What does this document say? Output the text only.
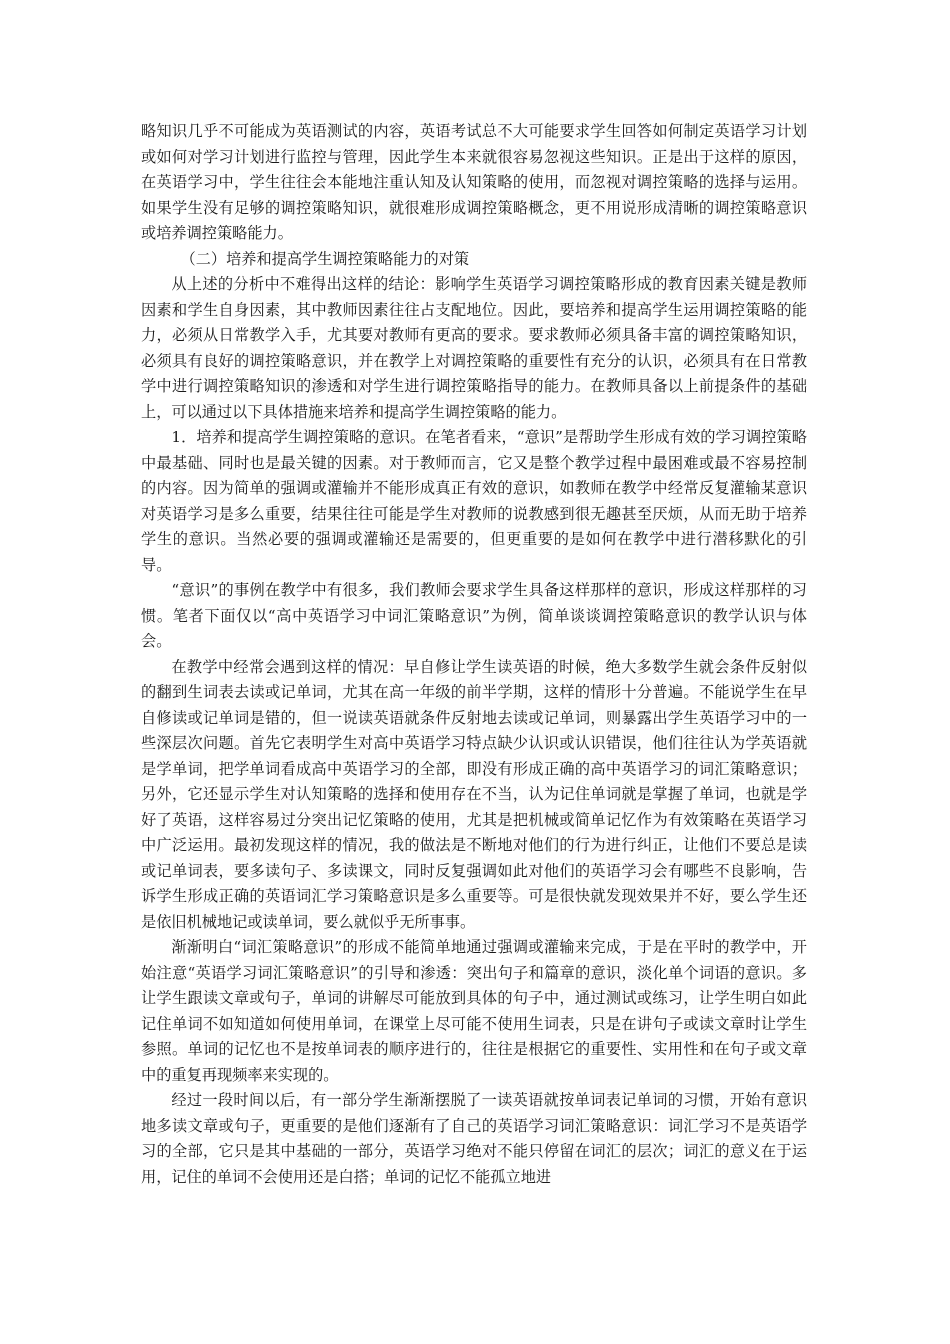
略知识几乎不可能成为英语测试的内容，英语考试总不大可能要求学生回答如何制定英语学习计划或如何对学习计划进行监控与管理，因此学生本来就很容易忽视这些知识。正是出于这样的原因，在英语学习中，学生往往会本能地注重认知及认知策略的使用，而忽视对调控策略的选择与运用。如果学生没有足够的调控策略知识，就很难形成调控策略概念，更不用说形成清晰的调控策略意识或培养调控策略能力。

（二）培养和提高学生调控策略能力的对策

从上述的分析中不难得出这样的结论：影响学生英语学习调控策略形成的教育因素关键是教师因素和学生自身因素，其中教师因素往往占支配地位。因此，要培养和提高学生运用调控策略的能力，必须从日常教学入手，尤其要对教师有更高的要求。要求教师必须具备丰富的调控策略知识，必须具有良好的调控策略意识，并在教学上对调控策略的重要性有充分的认识，必须具有在日常教学中进行调控策略知识的渗透和对学生进行调控策略指导的能力。在教师具备以上前提条件的基础上，可以通过以下具体措施来培养和提高学生调控策略的能力。

1．培养和提高学生调控策略的意识。在笔者看来，“意识”是帮助学生形成有效的学习调控策略中最基础、同时也是最关键的因素。对于教师而言，它又是整个教学过程中最困难或最不容易控制的内容。因为简单的强调或灌输并不能形成真正有效的意识，如教师在教学中经常反复灌输某意识对英语学习是多么重要，结果往往可能是学生对教师的说教感到很无趣甚至厌烦，从而无助于培养学生的意识。当然必要的强调或灌输还是需要的，但更重要的是如何在教学中进行潜移默化的引导。

“意识”的事例在教学中有很多，我们教师会要求学生具备这样那样的意识，形成这样那样的习惯。笔者下面仅以“高中英语学习中词汇策略意识”为例，简单谈谈调控策略意识的教学认识与体会。

在教学中经常会遇到这样的情况：早自修让学生读英语的时候，绝大多数学生就会条件反射似的翻到生词表去读或记单词，尤其在高一年级的前半学期，这样的情形十分普遍。不能说学生在早自修读或记单词是错的，但一说读英语就条件反射地去读或记单词，则暴露出学生英语学习中的一些深层次问题。首先它表明学生对高中英语学习特点缺少认识或认识错误，他们往往认为学英语就是学单词，把学单词看成高中英语学习的全部，即没有形成正确的高中英语学习的词汇策略意识；另外，它还显示学生对认知策略的选择和使用存在不当，认为记住单词就是掌握了单词，也就是学好了英语，这样容易过分突出记忆策略的使用，尤其是把机械或简单记忆作为有效策略在英语学习中广泛运用。最初发现这样的情况，我的做法是不断地对他们的行为进行纠正，让他们不要总是读或记单词表，要多读句子、多读课文，同时反复强调如此对他们的英语学习会有哪些不良影响，告诉学生形成正确的英语词汇学习策略意识是多么重要等。可是很快就发现效果并不好，要么学生还是依旧机械地记或读单词，要么就似乎无所事事。

渐渐明白“词汇策略意识”的形成不能简单地通过强调或灌输来完成，于是在平时的教学中，开始注意“英语学习词汇策略意识”的引导和渗透：突出句子和篇章的意识，淡化单个词语的意识。多让学生跟读文章或句子，单词的讲解尽可能放到具体的句子中，通过测试或练习，让学生明白如此记住单词不如知道如何使用单词，在课堂上尽可能不使用生词表，只是在讲句子或读文章时让学生参照。单词的记忆也不是按单词表的顺序进行的，往往是根据它的重要性、实用性和在句子或文章中的重复再现频率来实现的。

经过一段时间以后，有一部分学生渐渐摆脱了一读英语就按单词表记单词的习惯，开始有意识地多读文章或句子，更重要的是他们逐渐有了自己的英语学习词汇策略意识：词汇学习不是英语学习的全部，它只是其中基础的一部分，英语学习绝对不能只停留在词汇的层次；词汇的意义在于运用，记住的单词不会使用还是白搭；单词的记忆不能孤立地进
